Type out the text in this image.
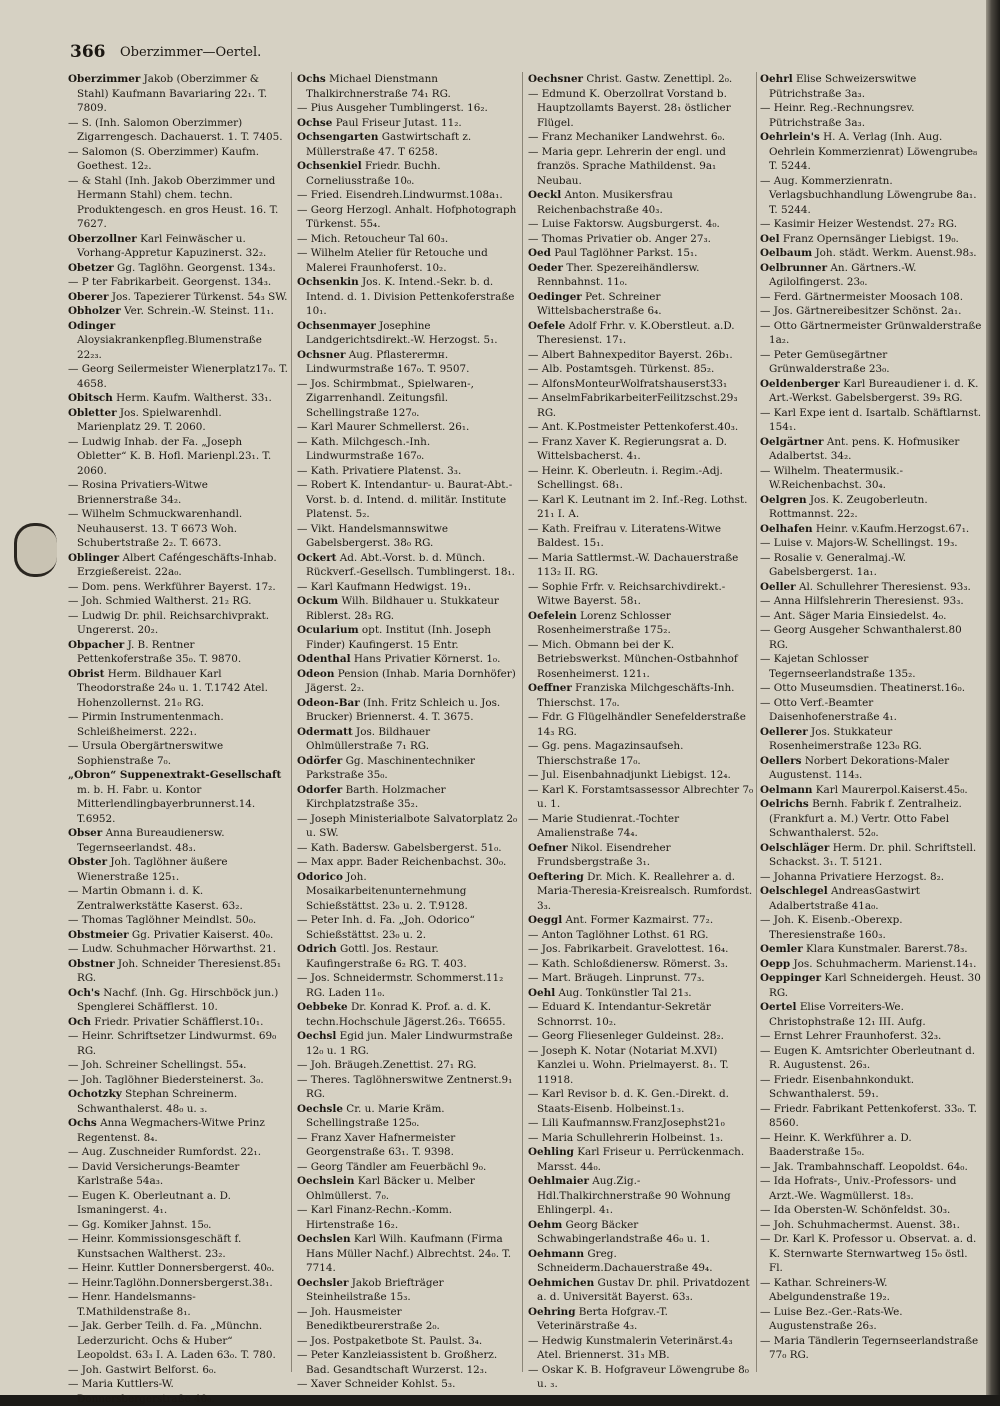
366 Oberzimmer—Oertel.

Oberzimmer Jakob (Oberzimmer & Stahl) Kaufmann Bavariaring 22₁. T. 7809.

— S. (Inh. Salomon Oberzimmer) Zigarrengesch. Dachauerst. 1. T. 7405.

— Salomon (S. Oberzimmer) Kaufm. Goethest. 12₂.

— & Stahl (Inh. Jakob Oberzimmer und Hermann Stahl) chem. techn. Produktengesch. en gros Heust. 16. T. 7627.

Oberzollner Karl Feinwäscher u. Vorhang-Appretur Kapuzinerst. 32₂.

Obetzer Gg. Taglöhn. Georgenst. 134₃.

— P ter Fabrikarbeit. Georgenst. 134₃.

Oberer Jos. Tapezierer Türkenst. 54₃ SW.

Obholzer Ver. Schrein.-W. Steinst. 11₁.

Odinger Aloysiakrankenpfleg.Blumenstraße 22₂₃.

— Georg Seilermeister Wienerplatz17₀. T. 4658.

Obitsch Herm. Kaufm. Waltherst. 33₁.

Obletter Jos. Spielwarenhdl. Marienplatz 29. T. 2060.

— Ludwig Inhab. der Fa. „Joseph Obletter“ K. B. Hofl. Marienpl.23₁. T. 2060.

— Rosina Privatiers-Witwe Briennerstraße 34₂.

— Wilhelm Schmuckwarenhandl. Neuhauserst. 13. T 6673 Woh. Schubertstraße 2₂. T. 6673.

Oblinger Albert Caféngeschäfts-Inhab. Erzgießereist. 22a₀.

— Dom. pens. Werkführer Bayerst. 17₂.

— Joh. Schmied Waltherst. 21₂ RG.

— Ludwig Dr. phil. Reichsarchivprakt. Ungererst. 20₂.

Obpacher J. B. Rentner Pettenkoferstraße 35₀. T. 9870.

Obrist Herm. Bildhauer Karl Theodorstraße 24₀ u. 1. T.1742 Atel. Hohenzollernst. 21₀ RG.

— Pirmin Instrumentenmach. Schleißheimerst. 222₁.

— Ursula Obergärtnerswitwe Sophienstraße 7₀.

„Obron“ Suppenextrakt-Gesellschaft m. b. H. Fabr. u. Kontor Mitterlendlingbayerbrunnerst.14. T.6952.

Obser Anna Bureaudienersw. Tegernseerlandst. 48₃.

Obster Joh. Taglöhner äußere Wienerstraße 125₁.

— Martin Obmann i. d. K. Zentralwerkstätte Kaserst. 63₂.

— Thomas Taglöhner Meindlst. 50₀.

Obstmeier Gg. Privatier Kaiserst. 40₀.

— Ludw. Schuhmacher Hörwarthst. 21.

Obstner Joh. Schneider Theresienst.85₁ RG.

Och's Nachf. (Inh. Gg. Hirschböck jun.) Spenglerei Schäfflerst. 10.

Och Friedr. Privatier Schäfflerst.10₁.

— Heinr. Schriftsetzer Lindwurmst. 69₀ RG.

— Joh. Schreiner Schellingst. 55₄.

— Joh. Taglöhner Biederstеinerst. 3₀.

Ochotzky Stephan Schreinerm. Schwanthalerst. 48₀ u. ₃.

Ochs Anna Wegmachers-Witwe Prinz Regentenst. 8₄.

— Aug. Zuschneider Rumfordst. 22₁.

— David Versicherungs-Beamter Karlstraße 54a₃.

— Eugen K. Oberleutnant a. D. Ismaningerst. 4₁.

— Gg. Komiker Jahnst. 15₀.

— Heinr. Kommissionsgeschäft f. Kunstsachen Waltherst. 23₂.

— Heinr. Kuttler Donnersbergerst. 40₀.

— Heinr.Taglöhn.Donnersbergerst.38₁.

— Henr. Handelsmanns-T.Mathildenstraße 8₁.

— Jak. Gerber Teilh. d. Fa. „Münchn. Lederzuricht. Ochs & Huber“ Leopoldst. 63₃ I. A. Laden 63₀. T. 780.

— Joh. Gastwirt Belforst. 6₀.

— Maria Kuttlers-W. Donnersbergerstraße 40₀.

Ochs Michael Dienstmann Thalkirchnerstraße 74₁ RG.

— Pius Ausgeher Tumblingerst. 16₂.

Ochse Paul Friseur Jutast. 11₂.

Ochsengarten Gastwirtschaft z. Müllerstraße 47. T 6258.

Ochsenkiel Friedr. Buchh. Corneliusstraße 10₀.

— Fried. Eisendreh.Lindwurmst.108a₁.

— Georg Herzogl. Anhalt. Hofphotograph Türkenst. 55₄.

— Mich. Retoucheur Tal 60₃.

— Wilhelm Atelier für Retouche und Malerei Fraunhoferst. 10₂.

Ochsenkin Jos. K. Intend.-Sekr. b. d. Intend. d. 1. Division Pettenkoferstraße 10₁.

Ochsenmayer Josephine Landgerichtsdirekt.-W. Herzogst. 5₁.

Ochsner Aug. Pflasterermн. Lindwurmstraße 167₀. T. 9507.

— Jos. Schirmbmat., Spielwaren-, Zigarrenhandl. Zeitungsfil. Schellingstraße 127₀.

— Karl Maurer Schmellerst. 26₁.

— Kath. Milchgesch.-Inh. Lindwurmstraße 167₀.

— Kath. Privatiere Platenst. 3₃.

— Robert K. Intendantur- u. Baurat-Abt.-Vorst. b. d. Intend. d. militär. Institute Platenst. 5₂.

— Vikt. Handelsmannswitwe Gabelsbergerst. 38₀ RG.

Ockert Ad. Abt.-Vorst. b. d. Münch. Rückverf.-Gesellsch. Tumblingerst. 18₁.

— Karl Kaufmann Hedwigst. 19₁.

Ockum Wilh. Bildhauer u. Stukkateur Riblerst. 28₃ RG.

Ocularium opt. Institut (Inh. Joseph Finder) Kaufingerst. 15 Entr.

Odenthal Hans Privatier Körnerst. 1₀.

Odeon Pension (Inhab. Maria Dornhöfer) Jägerst. 2₂.

Odeon-Bar (Inh. Fritz Schleich u. Jos. Brucker) Briennerst. 4. T. 3675.

Odermatt Jos. Bildhauer Ohlmüllerstraße 7₁ RG.

Odörfer Gg. Maschinentechniker Parkstraße 35₀.

Odorfer Barth. Holzmacher Kirchplatzstraße 35₂.

— Joseph Ministerialbote Salvatorplatz 2₀ u. SW.

— Kath. Badersw. Gabelsbergerst. 51₀.

— Max appr. Bader Reichenbachst. 30₀.

Odorico Joh. Mosaikarbeitenunternehmung Schießstättst. 23₀ u. 2. T.9128.

— Peter Inh. d. Fa. „Joh. Odorico“ Schießstättst. 23₀ u. 2.

Odrich Gottl. Jos. Restaur. Kaufingerstraße 6₂ RG. T. 403.

— Jos. Schneidermstr. Schommerst.11₂ RG. Laden 11₀.

Oebbeke Dr. Konrad K. Prof. a. d. K. techn.Hochschule Jägerst.26₃. T6655.

Oechsl Egid jun. Maler Lindwurmstraße 12₀ u. 1 RG.

— Joh. Bräugeh.Zenettist. 27₁ RG.

— Theres. Taglöhnerswitwe Zentnerst.9₁ RG.

Oechsle Cr. u. Marie Kräm. Schellingstraße 125₀.

— Franz Xaver Hafnermeister Georgenstraße 63₁. T. 9398.

— Georg Tändler am Feuerbächl 9₀.

Oechslein Karl Bäcker u. Melber Ohlmüllerst. 7₀.

— Karl Finanz-Rechn.-Komm. Hirtenstraße 16₂.

Oechslen Karl Wilh. Kaufmann (Firma Hans Müller Nachf.) Albrechtst. 24₀. T. 7714.

Oechsler Jakob Briefträger Steinheilstraße 15₃.

— Joh. Hausmeister Benediktbeurerstraße 2₀.

— Jos. Postpaketbote St. Paulst. 3₄.

— Peter Kanzleiassistent b. Großherz. Bad. Gesandtschaft Wurzerst. 12₃.

— Xaver Schneider Kohlst. 5₃.

Oechsner Christ. Gastw. Zenettipl. 2₀.

— Edmund K. Oberzollrat Vorstand b. Hauptzollamts Bayerst. 28₁ östlicher Flügel.

— Franz Mechaniker Landwehrst. 6₀.

— Maria gepr. Lehrerin der engl. und französ. Sprache Mathildenst. 9a₁ Neubau.

Oeckl Anton. Musikersfrau Reichenbachstraße 40₃.

— Luise Faktorsw. Augsburgerst. 4₀.

— Thomas Privatier ob. Anger 27₃.

Oed Paul Taglöhner Parkst. 15₁.

Oeder Ther. Spezereihändlersw. Rennbahnst. 11₀.

Oedinger Pet. Schreiner Wittelsbacherstraße 6₄.

Oefele Adolf Frhr. v. K.Oberstleut. a.D. Theresienst. 17₁.

— Albert Bahnexpeditor Bayerst. 26b₁.

— Alb. Postamtsgeh. Türkenst. 85₂.

— AlfonsMonteurWolfratshauserst33₁

— AnselmFabrikarbeiterFeilitzschst.29₃ RG.

— Ant. K.Postmeister Pettenkoferst.40₃.

— Franz Xaver K. Regierungsrat a. D. Wittelsbacherst. 4₁.

— Heinr. K. Oberleutn. i. Regim.-Adj. Schellingst. 68₁.

— Karl K. Leutnant im 2. Inf.-Reg. Lothst. 21₁ I. A.

— Kath. Freifrau v. Literatens-Witwe Baldest. 15₁.

— Maria Sattlermst.-W. Dachauerstraße 113₂ II. RG.

— Sophie Frfr. v. Reichsarchivdirekt.-Witwe Bayerst. 58₁.

Oefelein Lorenz Schlosser Rosenheimerstraße 175₂.

— Mich. Obmann bei der K. Betriebswerkst. München-Ostbahnhof Rosenheimerst. 121₁.

Oeffner Franziska Milchgeschäfts-Inh. Thierschst. 17₀.

— Fdr. G Flügelhändler Senefelderstraße 14₃ RG.

— Gg. pens. Magazinsaufseh. Thierschstraße 17₀.

— Jul. Eisenbahnadjunkt Liebigst. 12₄.

— Karl K. Forstamtsassessor Albrechter 7₀ u. 1.

— Marie Studienrat.-Tochter Amalienstraße 74₄.

Oefner Nikol. Eisendreher Frundsbergstraße 3₁.

Oeftering Dr. Mich. K. Reallehrer a. d. Maria-Theresia-Kreisrealsch. Rumfordst. 3₃.

Oeggl Ant. Former Kazmairst. 77₂.

— Anton Taglöhner Lothst. 61 RG.

— Jos. Fabrikarbeit. Gravelottest. 16₄.

— Kath. Schloßdienersw. Römerst. 3₃.

— Mart. Bräugeh. Linprunst. 77₃.

Oehl Aug. Tonkünstler Tal 21₃.

— Eduard K. Intendantur-Sekretär Schnorrst. 10₂.

— Georg Fliesenleger Guldeinst. 28₂.

— Joseph K. Notar (Notariat M.XVI) Kanzlei u. Wohn. Prielmayerst. 8₁. T. 11918.

— Karl Revisor b. d. K. Gen.-Direkt. d. Staats-Eisenb. Holbeinst.1₃.

— Lili Kaufmannsw.FranzJosephst21₀

— Maria Schullehrerin Holbeinst. 1₃.

Oehling Karl Friseur u. Perrückenmach. Marsst. 44₀.

Oehlmaier Aug.Zig.-Hdl.Thalkirchnerstraße 90 Wohnung Ehlingerpl. 4₁.

Oehm Georg Bäcker Schwabingerlandstraße 46₀ u. 1.

Oehmann Greg. Schneiderm.Dachauerstraße 49₄.

Oehmichen Gustav Dr. phil. Privatdozent a. d. Universität Bayerst. 63₃.

Oehring Berta Hofgrav.-T. Veterinärstraße 4₃.

— Hedwig Kunstmalerin Veterinärst.4₃ Atel. Briennerst. 31₃ MB.

— Oskar K. B. Hofgraveur Löwengrube 8₀ u. ₃.

Oehrl Elise Schweizerswitwe Pütrichstraße 3a₃.

— Heinr. Reg.-Rechnungsrev. Pütrichstraße 3a₃.

Oehrlein's H. A. Verlag (Inh. Aug. Oehrlein Kommerzienrat) Löwengrube₈ T. 5244.

— Aug. Kommerzienratn. Verlagsbuchhandlung Löwengrube 8a₁. T. 5244.

— Kasimir Heizer Westendst. 27₂ RG.

Oel Franz Opernsänger Liebigst. 19₀.

Oelbaum Joh. städt. Werkm. Auenst.98₃.

Oelbrunner An. Gärtners.-W. Agilolfingerst. 23₀.

— Ferd. Gärtnermeister Moosach 108.

— Jos. Gärtnereibesitzer Schönst. 2a₁.

— Otto Gärtnermeister Grünwalderstraße 1a₂.

— Peter Gemüsegärtner Grünwalderstraße 23₀.

Oeldenberger Karl Bureaudiener i. d. K. Art.-Werkst. Gabelsbergerst. 39₃ RG.

— Karl Expe ient d. Isartalb. Schäftlarnst. 154₁.

Oelgärtner Ant. pens. K. Hofmusiker Adalbertst. 34₂.

— Wilhelm. Theatermusik.-W.Reichenbachst. 30₄.

Oelgren Jos. K. Zeugoberleutn. Rottmannst. 22₂.

Oelhafen Heinr. v.Kaufm.Herzogst.67₁.

— Luise v. Majors-W. Schellingst. 19₃.

— Rosalie v. Generalmaj.-W. Gabelsbergerst. 1a₁.

Oeller Al. Schullehrer Theresienst. 93₃.

— Anna Hilfslehrerin Theresienst. 93₃.

— Ant. Säger Maria Einsiedelst. 4₀.

— Georg Ausgeher Schwanthalerst.80 RG.

— Kajetan Schlosser Tegernseerlandstraße 135₂.

— Otto Museumsdien. Theatinerst.16₀.

— Otto Verf.-Beamter Daisenhofenerstraße 4₁.

Oellerer Jos. Stukkateur Rosenheimerstraße 123₀ RG.

Oellers Norbert Dekorations-Maler Augustenst. 114₃.

Oelmann Karl Maurerpol.Kaiserst.45₀.

Oelrichs Bernh. Fabrik f. Zentralheiz. (Frankfurt a. M.) Vertr. Otto Fabel Schwanthalerst. 52₀.

Oelschläger Herm. Dr. phil. Schriftstell. Schackst. 3₁. T. 5121.

— Johanna Privatiere Herzogst. 8₂.

Oelschlegel AndreasGastwirt Adalbertstraße 41a₀.

— Joh. K. Eisenb.-Oberexp. Theresienstraße 160₃.

Oemler Klara Kunstmaler. Barerst.78₃.

Oepp Jos. Schuhmacherm. Marienst.14₁.

Oeppinger Karl Schneidergeh. Heust. 30 RG.

Oertel Elise Vorreiters-We. Christophstraße 12₁ III. Aufg.

— Ernst Lehrer Fraunhoferst. 32₃.

— Eugen K. Amtsrichter Oberleutnant d. R. Augustenst. 26₃.

— Friedr. Eisenbahnkondukt. Schwanthalerst. 59₁.

— Friedr. Fabrikant Pettenkoferst. 33₀. T. 8560.

— Heinr. K. Werkführer a. D. Baaderstraße 15₀.

— Jak. Trambahnschaff. Leopoldst. 64₀.

— Ida Hofrats-, Univ.-Professors- und Arzt.-We. Wagmüllerst. 18₃.

— Ida Obersten-W. Schönfeldst. 30₃.

— Joh. Schuhmachermst. Auenst. 38₁.

— Dr. Karl K. Professor u. Observat. a. d. K. Sternwarte Sternwartweg 15₀ östl. Fl.

— Kathar. Schreiners-W. Abelgundenstraße 19₂.

— Luise Bez.-Ger.-Rats-We. Augustenstraße 26₃.

— Maria Tändlerin Tegernseerlandstraße 77₀ RG.
